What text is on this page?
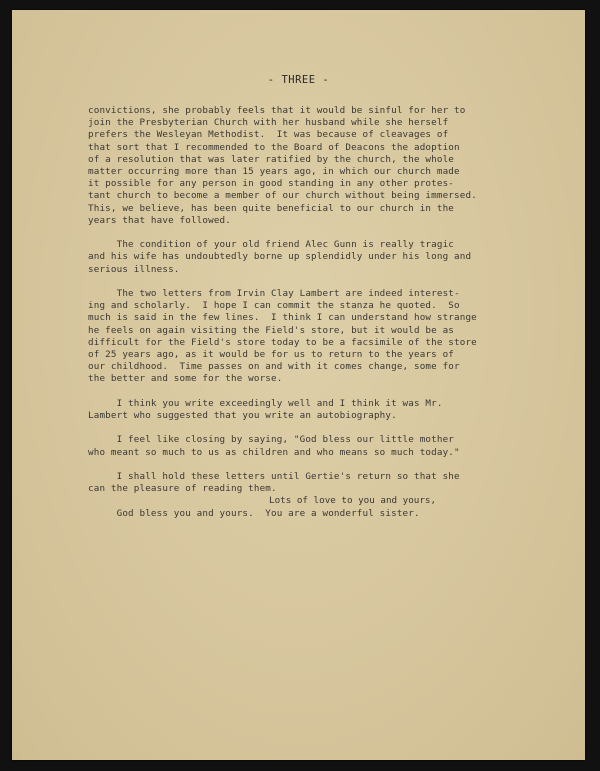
- THREE -
convictions, she probably feels that it would be sinful for her to
join the Presbyterian Church with her husband while she herself
prefers the Wesleyan Methodist.  It was because of cleavages of
that sort that I recommended to the Board of Deacons the adoption
of a resolution that was later ratified by the church, the whole
matter occurring more than 15 years ago, in which our church made
it possible for any person in good standing in any other protes-
tant church to become a member of our church without being immersed.
This, we believe, has been quite beneficial to our church in the
years that have followed.
The condition of your old friend Alec Gunn is really tragic
and his wife has undoubtedly borne up splendidly under his long and
serious illness.
The two letters from Irvin Clay Lambert are indeed interest-
ing and scholarly.  I hope I can commit the stanza he quoted.  So
much is said in the few lines.  I think I can understand how strange
he feels on again visiting the Field's store, but it would be as
difficult for the Field's store today to be a facsimile of the store
of 25 years ago, as it would be for us to return to the years of
our childhood.  Time passes on and with it comes change, some for
the better and some for the worse.
I think you write exceedingly well and I think it was Mr.
Lambert who suggested that you write an autobiography.
I feel like closing by saying, "God bless our little mother
who meant so much to us as children and who means so much today."
I shall hold these letters until Gertie's return so that she
can the pleasure of reading them.
God bless you and yours.  You are a wonderful sister.
Lots of love to you and yours,
